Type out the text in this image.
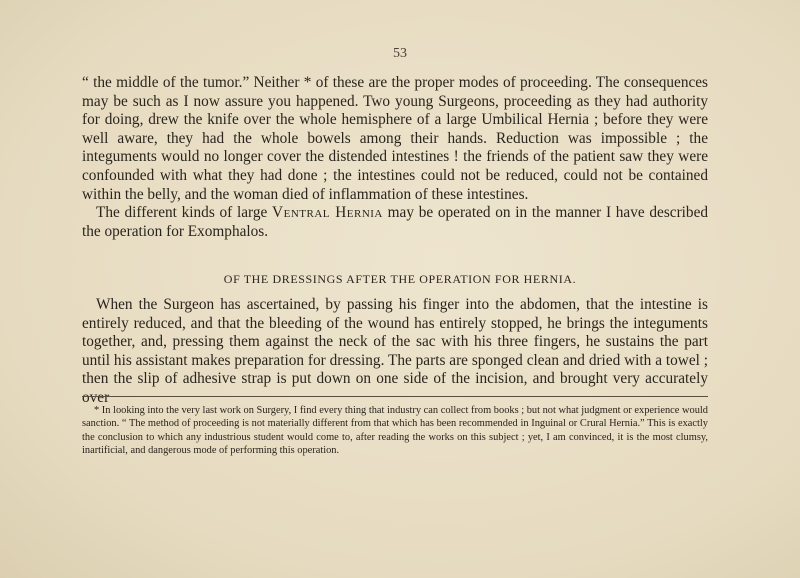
53

“ the middle of the tumor.” Neither * of these are the proper modes of proceeding. The consequences may be such as I now assure you happened. Two young Surgeons, proceeding as they had authority for doing, drew the knife over the whole hemisphere of a large Umbilical Hernia ; before they were well aware, they had the whole bowels among their hands. Reduction was impossible ; the integuments would no longer cover the distended intestines ! the friends of the patient saw they were confounded with what they had done ; the intestines could not be reduced, could not be contained within the belly, and the woman died of inflammation of these intestines.

The different kinds of large Ventral Hernia may be operated on in the manner I have described the operation for Exomphalos.

OF THE DRESSINGS AFTER THE OPERATION FOR HERNIA.

When the Surgeon has ascertained, by passing his finger into the abdomen, that the intestine is entirely reduced, and that the bleeding of the wound has entirely stopped, he brings the integuments together, and, pressing them against the neck of the sac with his three fingers, he sustains the part until his assistant makes preparation for dressing. The parts are sponged clean and dried with a towel ; then the slip of adhesive strap is put down on one side of the incision, and brought very accurately over

* In looking into the very last work on Surgery, I find every thing that industry can collect from books ; but not what judgment or experience would sanction. “ The method of proceeding is not materially different from that which has been recommended in Inguinal or Crural Hernia.” This is exactly the conclusion to which any industrious student would come to, after reading the works on this subject ; yet, I am convinced, it is the most clumsy, inartificial, and dangerous mode of performing this operation.
